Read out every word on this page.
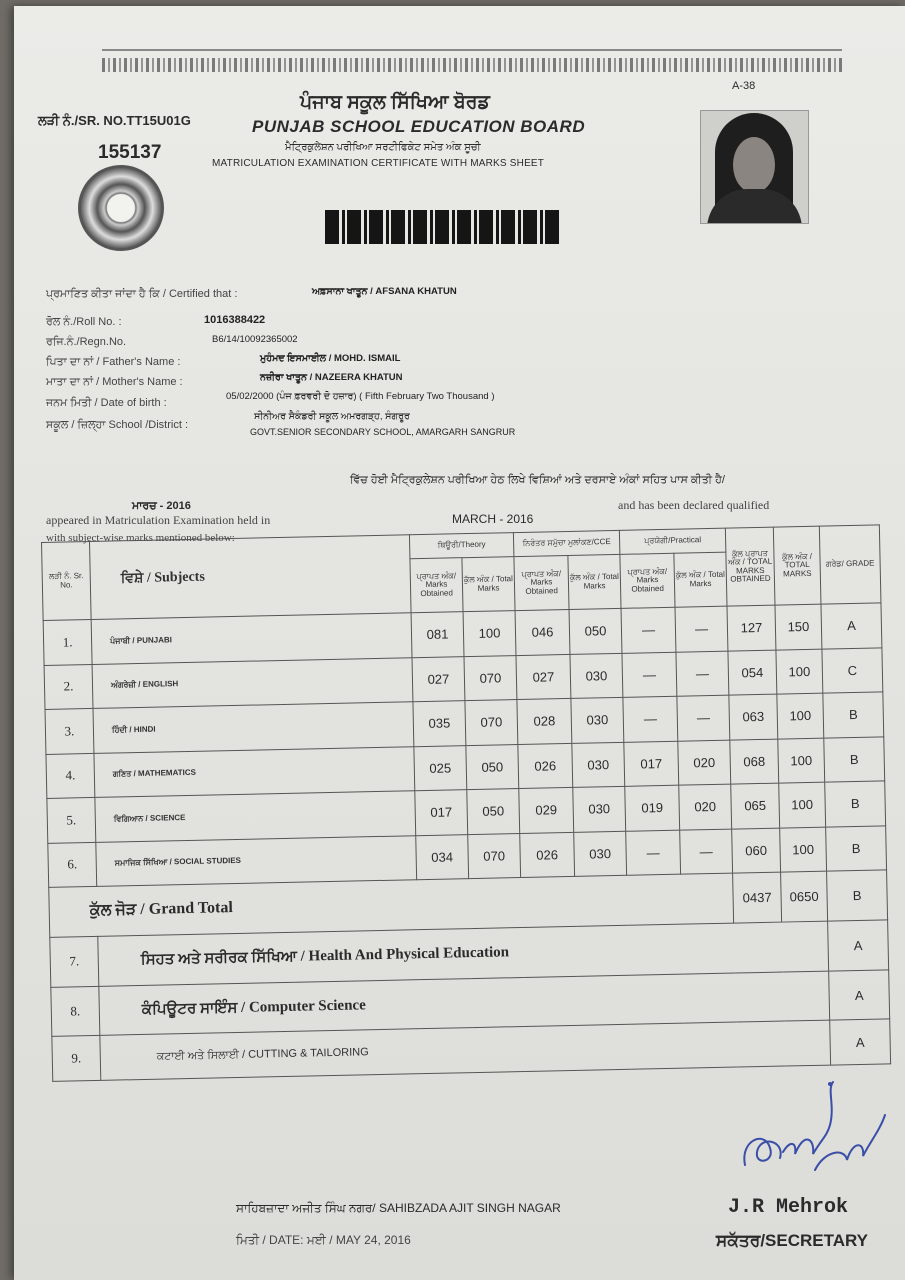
ਲੜੀ ਨੰ./SR. NO.TT15U01G
155137
ਪੰਜਾਬ ਸਕੂਲ ਸਿੱਖਿਆ ਬੋਰਡ
PUNJAB SCHOOL EDUCATION BOARD
ਮੈਟ੍ਰਿਕੁਲੇਸ਼ਨ ਪਰੀਖਿਆ ਸਰਟੀਫਿਕੇਟ ਸਮੇਤ ਅੰਕ ਸੂਚੀ
MATRICULATION EXAMINATION CERTIFICATE WITH MARKS SHEET
A-38
ਪ੍ਰਮਾਣਿਤ ਕੀਤਾ ਜਾਂਦਾ ਹੈ ਕਿ / Certified that :	ਅਫ਼ਸਾਨਾ ਖਾਤੂਨ / AFSANA KHATUN
ਰੋਲ ਨੰ./Roll No. :	1016388422
ਰਜਿ.ਨੰ./Regn.No.	B6/14/10092365002
ਪਿਤਾ ਦਾ ਨਾਂ / Father's Name :	ਮੁਹੰਮਦ ਇਸਮਾਈਲ / MOHD. ISMAIL
ਮਾਤਾ ਦਾ ਨਾਂ / Mother's Name :	ਨਜ਼ੀਰਾ ਖਾਤੂਨ / NAZEERA KHATUN
ਜਨਮ ਮਿਤੀ / Date of birth :
05/02/2000 (ਪੰਜ ਫ਼ਰਵਰੀ ਦੋ ਹਜ਼ਾਰ) ( Fifth February Two Thousand )
ਸਕੂਲ / ਜ਼ਿਲ੍ਹਾ School /District :
ਸੀਨੀਅਰ ਸੈਕੰਡਰੀ ਸਕੂਲ ਅਮਰਗੜ੍ਹ, ਸੰਗਰੂਰ
GOVT.SENIOR SECONDARY SCHOOL, AMARGARH SANGRUR
ਮਾਰਚ - 2016
ਵਿੱਚ ਹੋਈ ਮੈਟ੍ਰਿਕੁਲੇਸ਼ਨ ਪਰੀਖਿਆ ਹੇਠ ਲਿਖੇ ਵਿਸ਼ਿਆਂ ਅਤੇ ਦਰਸਾਏ ਅੰਕਾਂ ਸਹਿਤ ਪਾਸ ਕੀਤੀ ਹੈ/
appeared in Matriculation Examination held in	MARCH - 2016
and has been declared qualified
with subject-wise marks mentioned below:
ਲੜੀ ਨੰ. Sr. No.	ਵਿਸ਼ੇ / Subjects	ਥਿਊਰੀ/Theory		ਨਿਰੰਤਰ ਸਮੁੱਚਾ ਮੁਲਾਂਕਣ/CCE		ਪ੍ਰਯੋਗੀ/Practical		ਕੁੱਲ ਪ੍ਰਾਪਤ ਅੰਕ / TOTAL MARKS OBTAINED	ਕੁੱਲ ਅੰਕ / TOTAL MARKS	ਗਰੇਡ/ GRADE
		ਪ੍ਰਾਪਤ ਅੰਕ/ Marks Obtained	ਕੁੱਲ ਅੰਕ / Total Marks	ਪ੍ਰਾਪਤ ਅੰਕ/ Marks Obtained	ਕੁੱਲ ਅੰਕ / Total Marks	ਪ੍ਰਾਪਤ ਅੰਕ/ Marks Obtained	ਕੁੱਲ ਅੰਕ / Total Marks			
1.	ਪੰਜਾਬੀ / PUNJABI	081	100	046	050	—	—	127	150	A
2.	ਅੰਗਰੇਜ਼ੀ / ENGLISH	027	070	027	030	—	—	054	100	C
3.	ਹਿੰਦੀ / HINDI	035	070	028	030	—	—	063	100	B
4.	ਗਣਿਤ / MATHEMATICS	025	050	026	030	017	020	068	100	B
5.	ਵਿਗਿਆਨ / SCIENCE	017	050	029	030	019	020	065	100	B
6.	ਸਮਾਜਿਕ ਸਿੱਖਿਆ / SOCIAL STUDIES	034	070	026	030	—	—	060	100	B
ਕੁੱਲ ਜੋੜ / Grand Total								0437	0650	B
7.	ਸਿਹਤ ਅਤੇ ਸਰੀਰਕ ਸਿੱਖਿਆ / Health And Physical Education									A
8.	ਕੰਪਿਊਟਰ ਸਾਇੰਸ / Computer Science									A
9.	ਕਟਾਈ ਅਤੇ ਸਿਲਾਈ / CUTTING & TAILORING									A
J.R Mehrok
ਸਕੱਤਰ/SECRETARY
ਸਾਹਿਬਜ਼ਾਦਾ ਅਜੀਤ ਸਿੰਘ ਨਗਰ/ SAHIBZADA AJIT SINGH NAGAR
ਮਿਤੀ / DATE: ਮਈ / MAY 24, 2016
